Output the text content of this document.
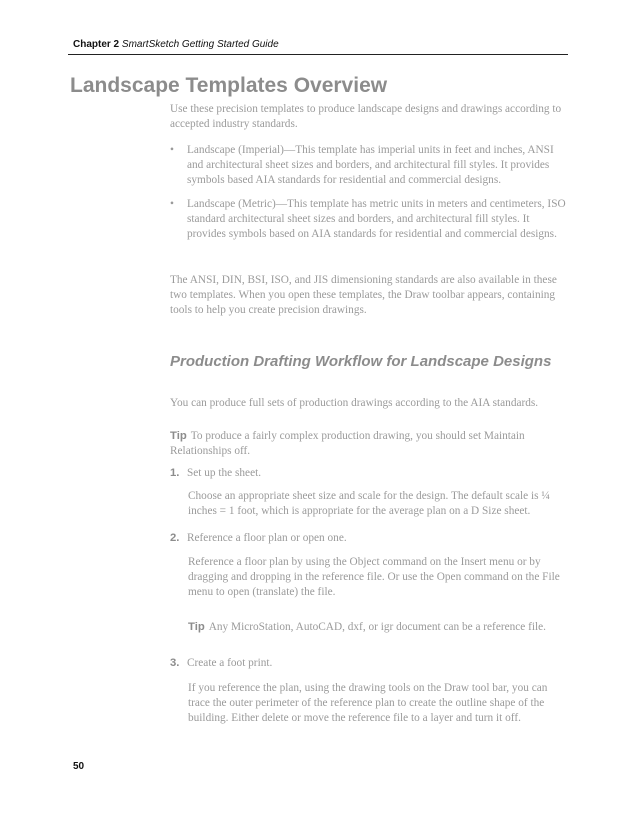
Chapter 2 SmartSketch Getting Started Guide
Landscape Templates Overview

Use these precision templates to produce landscape designs and drawings according to accepted industry standards.

• Landscape (Imperial)—This template has imperial units in feet and inches, ANSI and architectural sheet sizes and borders, and architectural fill styles. It provides symbols based AIA standards for residential and commercial designs.
• Landscape (Metric)—This template has metric units in meters and centimeters, ISO standard architectural sheet sizes and borders, and architectural fill styles. It provides symbols based on AIA standards for residential and commercial designs.

The ANSI, DIN, BSI, ISO, and JIS dimensioning standards are also available in these two templates. When you open these templates, the Draw toolbar appears, containing tools to help you create precision drawings.

Production Drafting Workflow for Landscape Designs

You can produce full sets of production drawings according to the AIA standards.

Tip To produce a fairly complex production drawing, you should set Maintain Relationships off.
1. Set up the sheet.
Choose an appropriate sheet size and scale for the design. The default scale is ¼ inches = 1 foot, which is appropriate for the average plan on a D Size sheet.
2. Reference a floor plan or open one.
Reference a floor plan by using the Object command on the Insert menu or by dragging and dropping in the reference file. Or use the Open command on the File menu to open (translate) the file.
Tip Any MicroStation, AutoCAD, dxf, or igr document can be a reference file.
3. Create a foot print.
If you reference the plan, using the drawing tools on the Draw tool bar, you can trace the outer perimeter of the reference plan to create the outline shape of the building. Either delete or move the reference file to a layer and turn it off.
50
